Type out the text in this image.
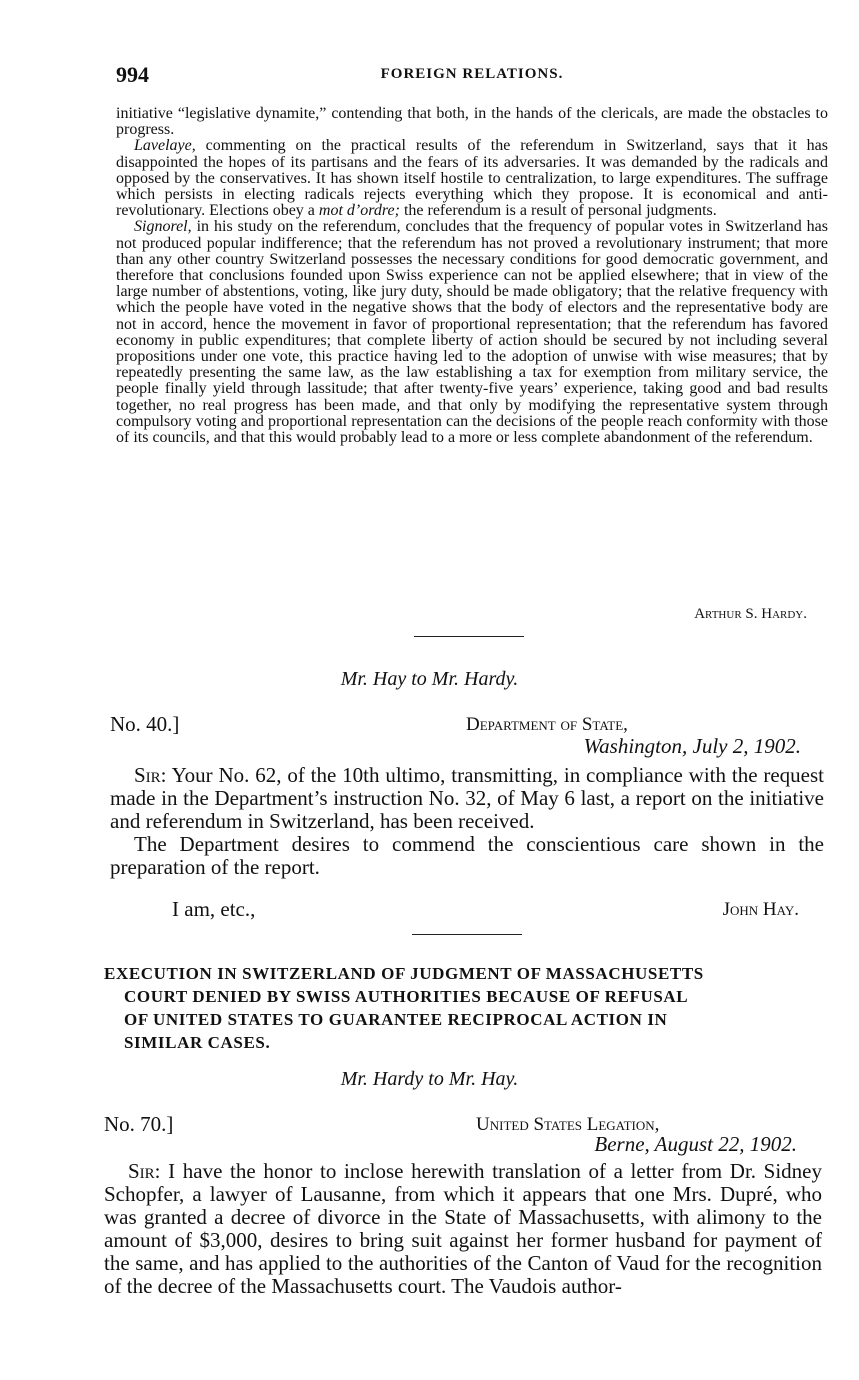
994	FOREIGN RELATIONS.

initiative “legislative dynamite,” contending that both, in the hands of the clericals, are made the obstacles to progress.

Lavelaye, commenting on the practical results of the referendum in Switzerland, says that it has disappointed the hopes of its partisans and the fears of its adversaries. It was demanded by the radicals and opposed by the conservatives. It has shown itself hostile to centralization, to large expenditures. The suffrage which persists in electing radicals rejects everything which they propose. It is economical and anti-revolutionary. Elections obey a mot d’ordre; the referendum is a result of personal judgments.

Signorel, in his study on the referendum, concludes that the frequency of popular votes in Switzerland has not produced popular indifference; that the referendum has not proved a revolutionary instrument; that more than any other country Switzerland possesses the necessary conditions for good democratic government, and therefore that conclusions founded upon Swiss experience can not be applied elsewhere; that in view of the large number of abstentions, voting, like jury duty, should be made obligatory; that the relative frequency with which the people have voted in the negative shows that the body of electors and the representative body are not in accord, hence the movement in favor of proportional representation; that the referendum has favored economy in public expenditures; that complete liberty of action should be secured by not including several propositions under one vote, this practice having led to the adoption of unwise with wise measures; that by repeatedly presenting the same law, as the law establishing a tax for exemption from military service, the people finally yield through lassitude; that after twenty-five years’ experience, taking good and bad results together, no real progress has been made, and that only by modifying the representative system through compulsory voting and proportional representation can the decisions of the people reach conformity with those of its councils, and that this would probably lead to a more or less complete abandonment of the referendum.

Arthur S. Hardy.
Mr. Hay to Mr. Hardy.
No. 40.]	Department of State,
Washington, July 2, 1902.

Sir: Your No. 62, of the 10th ultimo, transmitting, in compliance with the request made in the Department’s instruction No. 32, of May 6 last, a report on the initiative and referendum in Switzerland, has been received.

The Department desires to commend the conscientious care shown in the preparation of the report.

I am, etc.,	John Hay.
EXECUTION IN SWITZERLAND OF JUDGMENT OF MASSACHUSETTS
COURT DENIED BY SWISS AUTHORITIES BECAUSE OF REFUSAL
OF UNITED STATES TO GUARANTEE RECIPROCAL ACTION IN
SIMILAR CASES.
Mr. Hardy to Mr. Hay.
No. 70.]	United States Legation,
Berne, August 22, 1902.

Sir: I have the honor to inclose herewith translation of a letter from Dr. Sidney Schopfer, a lawyer of Lausanne, from which it appears that one Mrs. Dupré, who was granted a decree of divorce in the State of Massachusetts, with alimony to the amount of $3,000, desires to bring suit against her former husband for payment of the same, and has applied to the authorities of the Canton of Vaud for the recognition of the decree of the Massachusetts court. The Vaudois author-
